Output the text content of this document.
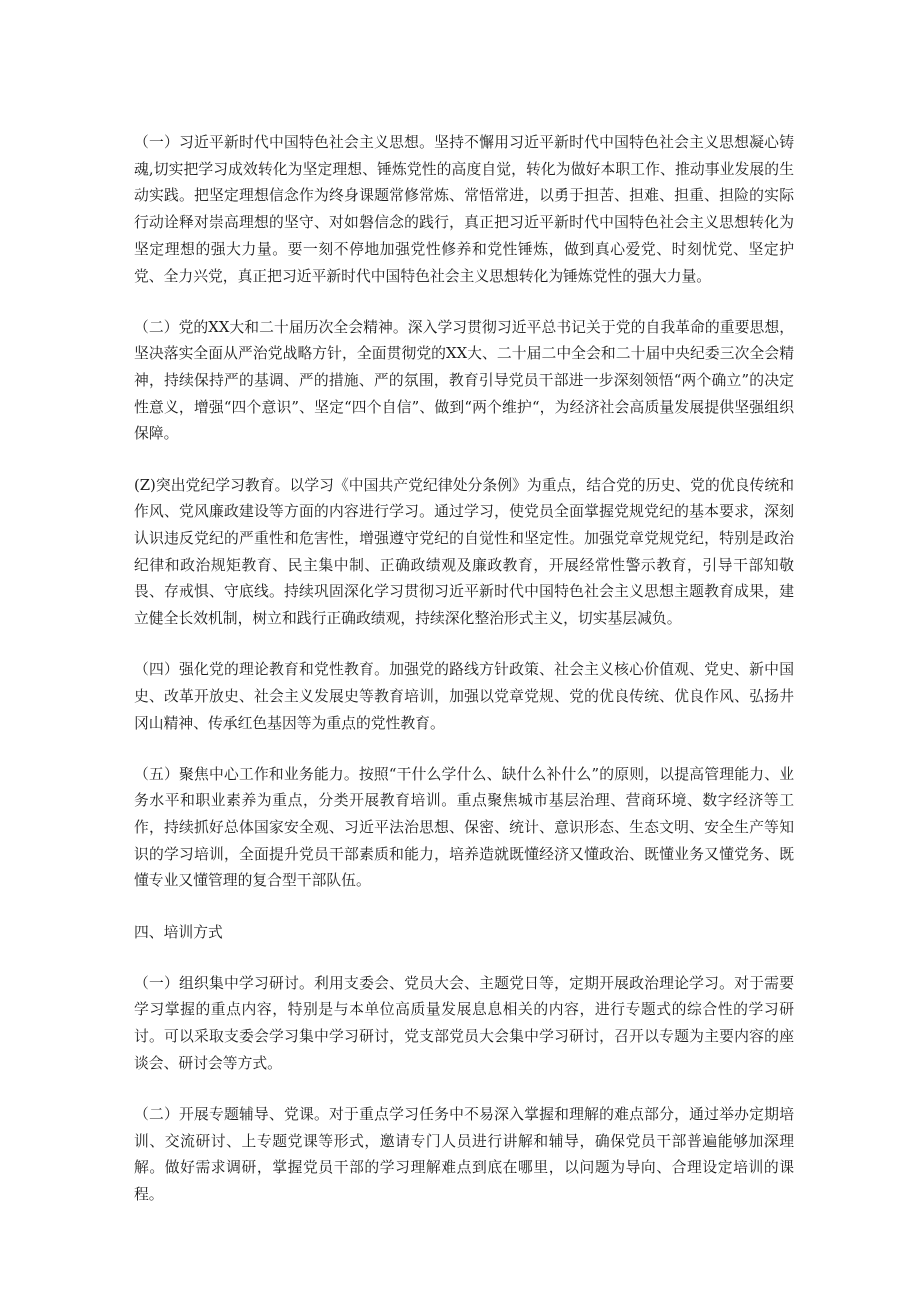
（一）习近平新时代中国特色社会主义思想。坚持不懈用习近平新时代中国特色社会主义思想凝心铸魂,切实把学习成效转化为坚定理想、锤炼党性的高度自觉，转化为做好本职工作、推动事业发展的生动实践。把坚定理想信念作为终身课题常修常炼、常悟常进，以勇于担苦、担难、担重、担险的实际行动诠释对崇高理想的坚守、对如磐信念的践行，真正把习近平新时代中国特色社会主义思想转化为坚定理想的强大力量。要一刻不停地加强党性修养和党性锤炼，做到真心爱党、时刻忧党、坚定护党、全力兴党，真正把习近平新时代中国特色社会主义思想转化为锤炼党性的强大力量。

（二）党的XX大和二十届历次全会精神。深入学习贯彻习近平总书记关于党的自我革命的重要思想，坚决落实全面从严治党战略方针，全面贯彻党的XX大、二十届二中全会和二十届中央纪委三次全会精神，持续保持严的基调、严的措施、严的氛围，教育引导党员干部进一步深刻领悟“两个确立”的决定性意义，增强“四个意识”、坚定“四个自信”、做到“两个维护“，为经济社会高质量发展提供坚强组织保障。

(Z)突出党纪学习教育。以学习《中国共产党纪律处分条例》为重点，结合党的历史、党的优良传统和作风、党风廉政建设等方面的内容进行学习。通过学习，使党员全面掌握党规党纪的基本要求，深刻认识违反党纪的严重性和危害性，增强遵守党纪的自觉性和坚定性。加强党章党规党纪，特别是政治纪律和政治规矩教育、民主集中制、正确政绩观及廉政教育，开展经常性警示教育，引导干部知敬畏、存戒惧、守底线。持续巩固深化学习贯彻习近平新时代中国特色社会主义思想主题教育成果，建立健全长效机制，树立和践行正确政绩观，持续深化整治形式主义，切实基层减负。

（四）强化党的理论教育和党性教育。加强党的路线方针政策、社会主义核心价值观、党史、新中国史、改革开放史、社会主义发展史等教育培训，加强以党章党规、党的优良传统、优良作风、弘扬井冈山精神、传承红色基因等为重点的党性教育。

（五）聚焦中心工作和业务能力。按照“干什么学什么、缺什么补什么”的原则，以提高管理能力、业务水平和职业素养为重点，分类开展教育培训。重点聚焦城市基层治理、营商环境、数字经济等工作，持续抓好总体国家安全观、习近平法治思想、保密、统计、意识形态、生态文明、安全生产等知识的学习培训，全面提升党员干部素质和能力，培养造就既懂经济又懂政治、既懂业务又懂党务、既懂专业又懂管理的复合型干部队伍。

四、培训方式

（一）组织集中学习研讨。利用支委会、党员大会、主题党日等，定期开展政治理论学习。对于需要学习掌握的重点内容，特别是与本单位高质量发展息息相关的内容，进行专题式的综合性的学习研讨。可以采取支委会学习集中学习研讨，党支部党员大会集中学习研讨，召开以专题为主要内容的座谈会、研讨会等方式。

（二）开展专题辅导、党课。对于重点学习任务中不易深入掌握和理解的难点部分，通过举办定期培训、交流研讨、上专题党课等形式，邀请专门人员进行讲解和辅导，确保党员干部普遍能够加深理解。做好需求调研，掌握党员干部的学习理解难点到底在哪里，以问题为导向、合理设定培训的课程。
